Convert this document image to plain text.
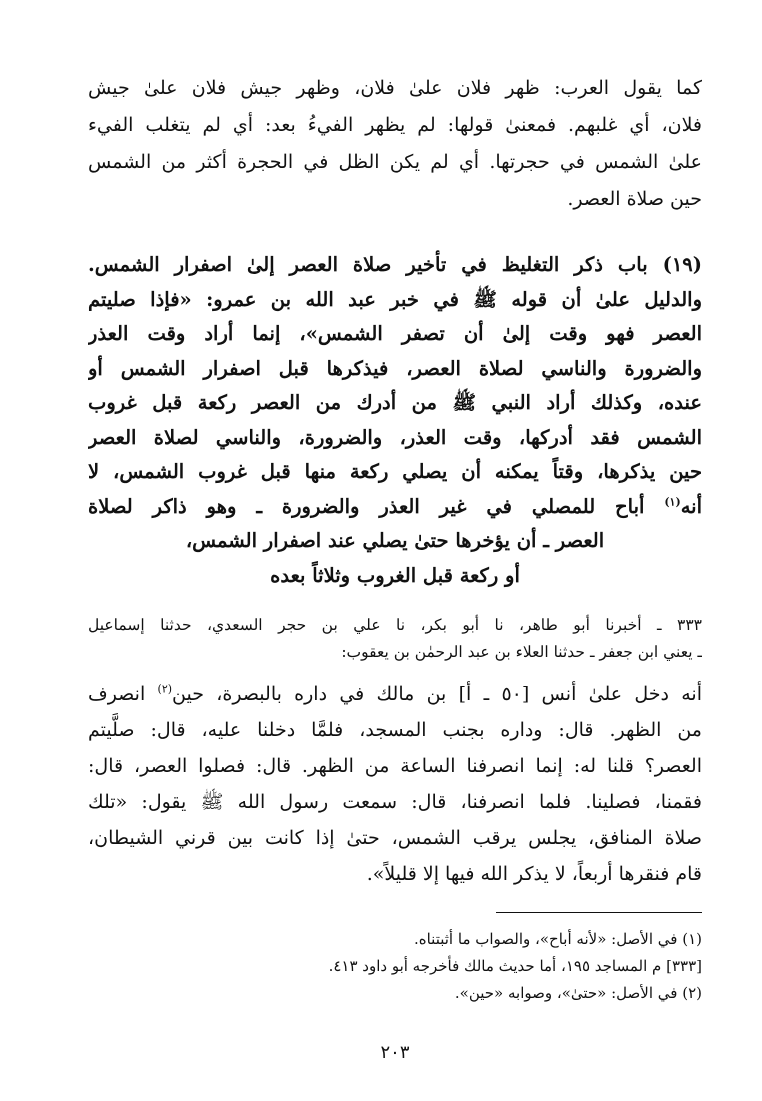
كما يقول العرب: ظهر فلان علىٰ فلان، وظهر جيش فلان علىٰ جيش
فلان، أي غلبهم. فمعنىٰ قولها: لم يظهر الفيءُ بعد: أي لم يتغلب الفيء
علىٰ الشمس في حجرتها. أي لم يكن الظل في الحجرة أكثر من الشمس
حين صلاة العصر.
(١٩) باب ذكر التغليظ في تأخير صلاة العصر إلىٰ اصفرار الشمس.
والدليل علىٰ أن قوله ﷺ في خبر عبد الله بن عمرو: «فإذا صليتم
العصر فهو وقت إلىٰ أن تصفر الشمس»، إنما أراد وقت العذر
والضرورة والناسي لصلاة العصر، فيذكرها قبل اصفرار الشمس أو
عنده، وكذلك أراد النبي ﷺ من أدرك من العصر ركعة قبل غروب
الشمس فقد أدركها، وقت العذر، والضرورة، والناسي لصلاة العصر
حين يذكرها، وقتاً يمكنه أن يصلي ركعة منها قبل غروب الشمس، لا
أنه$^{(١)}$ أباح للمصلي في غير العذر والضرورة ـ وهو ذاكر لصلاة
العصر ـ أن يؤخرها حتىٰ يصلي عند اصفرار الشمس،
أو ركعة قبل الغروب وثلاثاً بعده
٣٣٣ ـ أخبرنا أبو طاهر، نا أبو بكر، نا علي بن حجر السعدي، حدثنا إسماعيل
ـ يعني ابن جعفر ـ حدثنا العلاء بن عبد الرحمٰن بن يعقوب:
أنه دخل علىٰ أنس [٥٠ ـ أ] بن مالك في داره بالبصرة، حين$^{(٢)}$ انصرف
من الظهر. قال: وداره بجنب المسجد، فلمَّا دخلنا عليه، قال: صلَّيتم
العصر؟ قلنا له: إنما انصرفنا الساعة من الظهر. قال: فصلوا العصر، قال:
فقمنا، فصلينا. فلما انصرفنا، قال: سمعت رسول الله ﷺ يقول: «تلك
صلاة المنافق، يجلس يرقب الشمس، حتىٰ إذا كانت بين قرني الشيطان،
قام فنقرها أربعاً، لا يذكر الله فيها إلا قليلاً».
(١) في الأصل: «لأنه أباح»، والصواب ما أثبتناه.
[٣٣٣] م المساجد ١٩٥، أما حديث مالك فأخرجه أبو داود ٤١٣.
(٢) في الأصل: «حتىٰ»، وصوابه «حين».
٢٠٣
